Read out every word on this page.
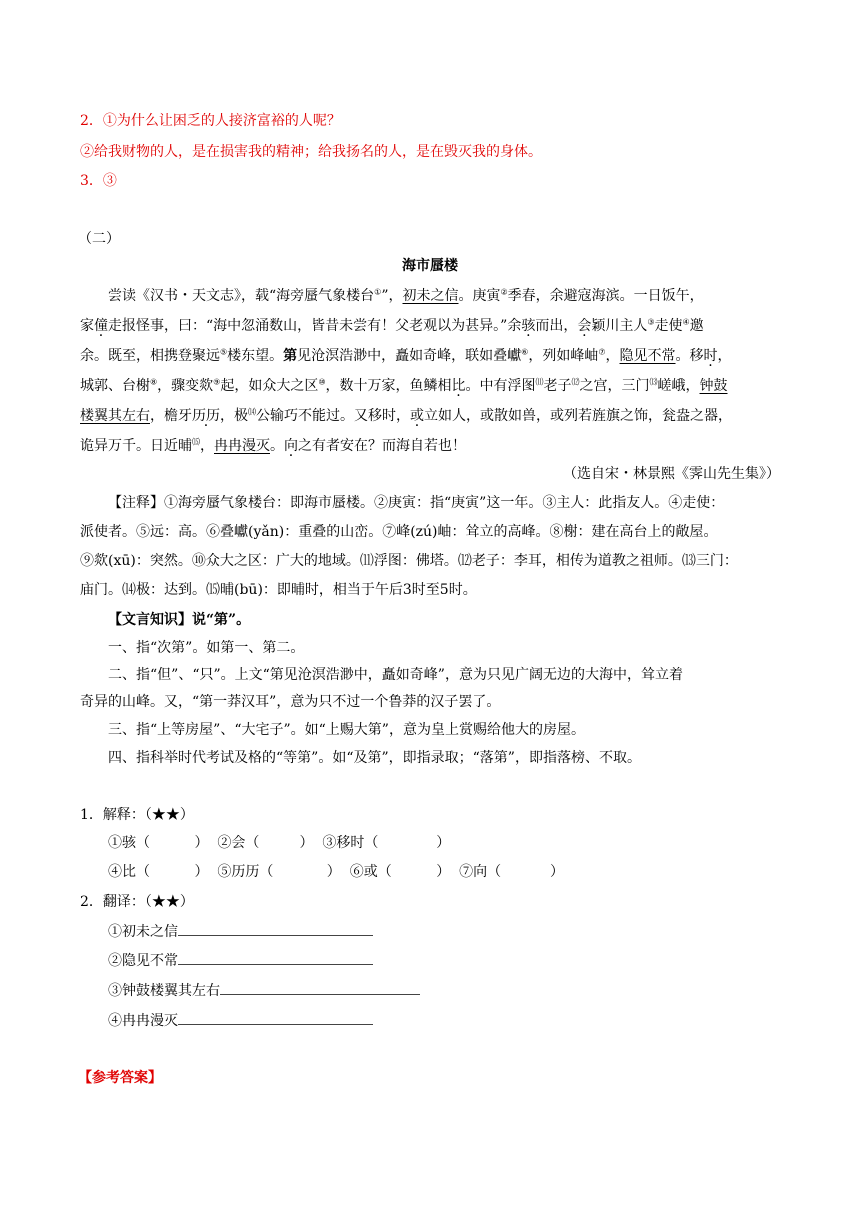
2．①为什么让困乏的人接济富裕的人呢？
②给我财物的人，是在损害我的精神；给我扬名的人，是在毁灭我的身体。
3．③
（二）
海市蜃楼
尝读《汉书・天文志》，载“海旁蜃气象楼台①”，初未之信。庚寅②季春，余避寇海滨。一日饭午，
家僮走报怪事，曰：“海中忽涌数山，皆昔未尝有！父老观以为甚异。”余骇而出，会颖川主人③走使④邀
余。既至，相携登聚远⑤楼东望。第见沧溟浩渺中，矗如奇峰，联如叠巘⑥，列如峰岫⑦，隐见不常。移时，
城郭、台榭⑧，骤变欻⑨起，如众大之区⑩，数十万家，鱼鳞相比。中有浮图⑾老子⑿之宫，三门⒀嵯峨，钟鼓
楼翼其左右，檐牙历历，极⒁公输巧不能过。又移时，或立如人，或散如兽，或列若旌旗之饰，瓮盎之器，
诡异万千。日近晡⒂，冉冉漫灭。向之有者安在？而海自若也！
（选自宋・林景熙《霁山先生集》）
【注释】①海旁蜃气象楼台：即海市蜃楼。②庚寅：指“庚寅”这一年。③主人：此指友人。④走使：
派使者。⑤远：高。⑥叠巘(yǎn)：重叠的山峦。⑦峰(zú)岫：耸立的高峰。⑧榭：建在高台上的敞屋。
⑨欻(xū)：突然。⑩众大之区：广大的地域。⑾浮图：佛塔。⑿老子：李耳，相传为道教之祖师。⒀三门：
庙门。⒁极：达到。⒂晡(bū)：即晡时，相当于午后3时至5时。
【文言知识】说“第”。
一、指“次第”。如第一、第二。
二、指“但”、“只”。上文“第见沧溟浩渺中，矗如奇峰”，意为只见广阔无边的大海中，耸立着
奇异的山峰。又，“第一莽汉耳”，意为只不过一个鲁莽的汉子罢了。
三、指“上等房屋”、“大宅子”。如“上赐大第”，意为皇上赏赐给他大的房屋。
四、指科举时代考试及格的“等第”。如“及第”，即指录取；“落第”，即指落榜、不取。
1．解释：（★★）
①骇（          ）  ②会（         ）  ③移时（             ）
④比（          ）  ⑤历历（            ）  ⑥或（          ）  ⑦向（           ）
2．翻译：（★★）
①初未之信
②隐见不常
③钟鼓楼翼其左右
④冉冉漫灭
【参考答案】
